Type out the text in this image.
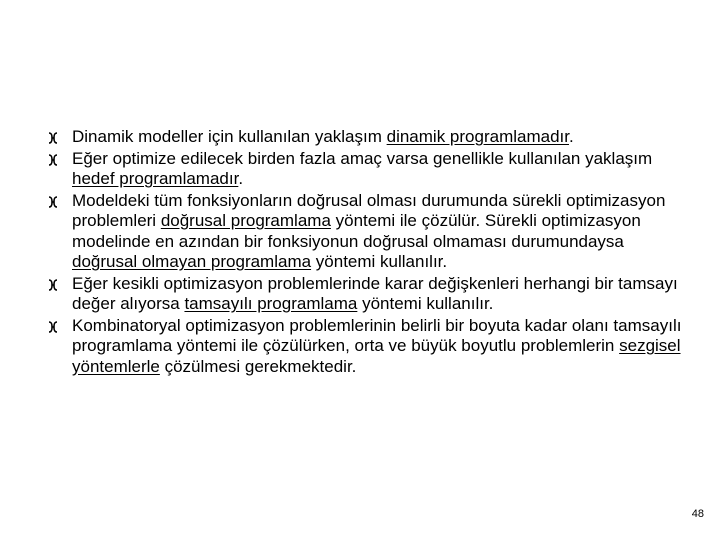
Dinamik modeller için kullanılan yaklaşım dinamik programlamadır.
Eğer optimize edilecek birden fazla amaç varsa genellikle kullanılan yaklaşım hedef programlamadır.
Modeldeki tüm fonksiyonların doğrusal olması durumunda sürekli optimizasyon problemleri doğrusal programlama yöntemi ile çözülür. Sürekli optimizasyon modelinde en azından bir fonksiyonun doğrusal olmaması durumundaysa doğrusal olmayan programlama yöntemi kullanılır.
Eğer kesikli optimizasyon problemlerinde karar değişkenleri herhangi bir tamsayı değer alıyorsa tamsayılı programlama yöntemi kullanılır.
Kombinatoryal optimizasyon problemlerinin belirli bir boyuta kadar olanı tamsayılı programlama yöntemi ile çözülürken, orta ve büyük boyutlu problemlerin sezgisel yöntemlerle çözülmesi gerekmektedir.
48
